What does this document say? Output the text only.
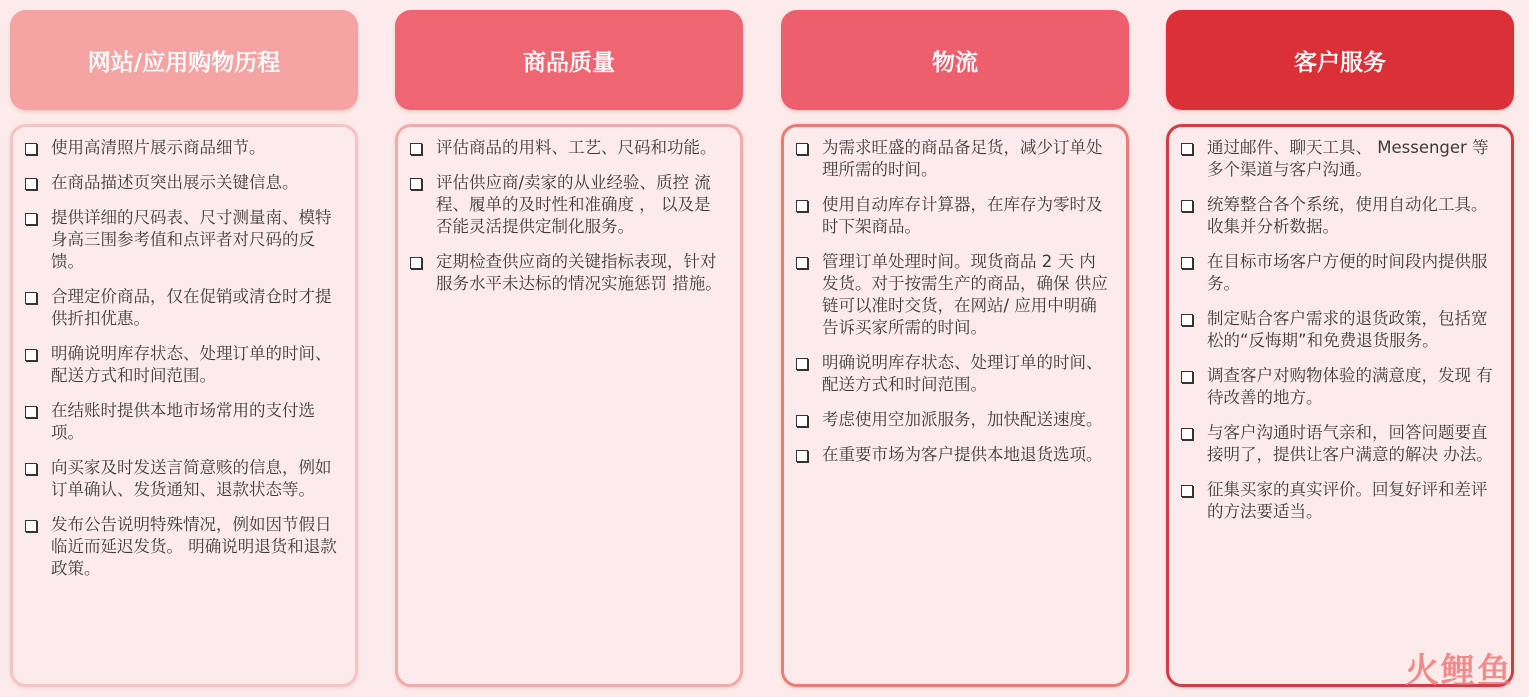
网站/应用购物历程
使用高清照片展示商品细节。
在商品描述页突出展示关键信息。
提供详细的尺码表、尺寸测量南、模特身高三围参考值和点评者对尺码的反馈。
合理定价商品，仅在促销或清仓时才提供折扣优惠。
明确说明库存状态、处理订单的时间、 配送方式和时间范围。
在结账时提供本地市场常用的支付选项。
向买家及时发送言简意赅的信息，例如订单确认、发货通知、退款状态等。
发布公告说明特殊情况，例如因节假日临近而延迟发货。 明确说明退货和退款政策。
商品质量
评估商品的用料、工艺、尺码和功能。
评估供应商/卖家的从业经验、质控 流程、履单的及时性和准确度 ， 以及是否能灵活提供定制化服务。
定期检查供应商的关键指标表现，针对服务水平未达标的情况实施惩罚 措施。
物流
为需求旺盛的商品备足货，减少订单处理所需的时间。
使用自动库存计算器，在库存为零时及时下架商品。
管理订单处理时间。现货商品 2 天 内发货。对于按需生产的商品，确保 供应链可以准时交货，在网站/ 应用中明确告诉买家所需的时间。
明确说明库存状态、处理订单的时间、 配送方式和时间范围。
考虑使用空加派服务，加快配送速度。
在重要市场为客户提供本地退货选项。
客户服务
通过邮件、聊天工具、 Messenger 等多个渠道与客户沟通。
统筹整合各个系统，使用自动化工具。收集并分析数据。
在目标市场客户方便的时间段内提供服务。
制定贴合客户需求的退货政策，包括宽松的“反悔期”和免费退货服务。
调查客户对购物体验的满意度，发现 有待改善的地方。
与客户沟通时语气亲和，回答问题要直接明了，提供让客户满意的解决 办法。
征集买家的真实评价。回复好评和差评的方法要适当。
火鲤鱼
